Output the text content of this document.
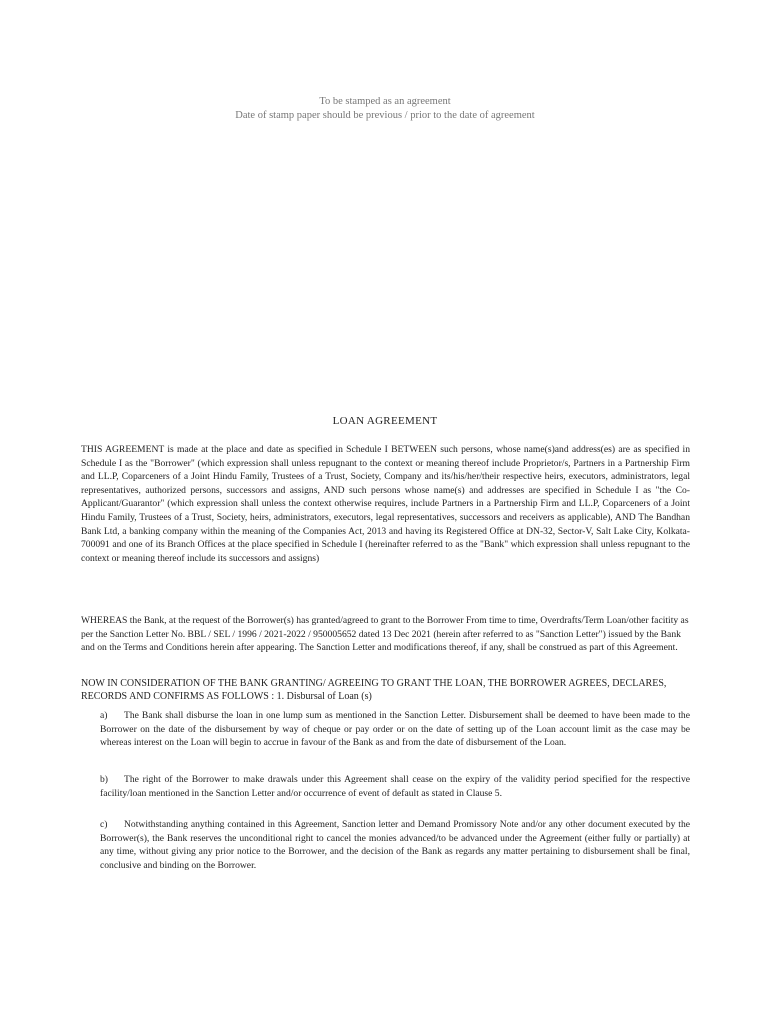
To be stamped as an agreement
Date of stamp paper should be previous / prior to the date of agreement
LOAN AGREEMENT
THIS AGREEMENT is made at the place and date as specified in Schedule I BETWEEN such persons, whose name(s)and address(es) are as specified in Schedule I as the "Borrower" (which expression shall unless repugnant to the context or meaning thereof include Proprietor/s, Partners in a Partnership Firm and LL.P, Coparceners of a Joint Hindu Family, Trustees of a Trust, Society, Company and its/his/her/their respective heirs, executors, administrators, legal representatives, authorized persons, successors and assigns, AND such persons whose name(s) and addresses are specified in Schedule I as "the Co-Applicant/Guarantor" (which expression shall unless the context otherwise requires, include Partners in a Partnership Firm and LL.P, Coparceners of a Joint Hindu Family, Trustees of a Trust, Society, heirs, administrators, executors, legal representatives, successors and receivers as applicable), AND The Bandhan Bank Ltd, a banking company within the meaning of the Companies Act, 2013 and having its Registered Office at DN-32, Sector-V, Salt Lake City, Kolkata-700091 and one of its Branch Offices at the place specified in Schedule I (hereinafter referred to as the "Bank" which expression shall unless repugnant to the context or meaning thereof include its successors and assigns)
WHEREAS the Bank, at the request of the Borrower(s) has granted/agreed to grant to the Borrower From time to time, Overdrafts/Term Loan/other facitity as per the Sanction Letter No. BBL / SEL / 1996 / 2021-2022 / 950005652 dated 13 Dec 2021 (herein after referred to as "Sanction Letter") issued by the Bank and on the Terms and Conditions herein after appearing. The Sanction Letter and modifications thereof, if any, shall be construed as part of this Agreement.
NOW IN CONSIDERATION OF THE BANK GRANTING/ AGREEING TO GRANT THE LOAN, THE BORROWER AGREES, DECLARES, RECORDS AND CONFIRMS AS FOLLOWS : 1. Disbursal of Loan (s)
a) The Bank shall disburse the loan in one lump sum as mentioned in the Sanction Letter. Disbursement shall be deemed to have been made to the Borrower on the date of the disbursement by way of cheque or pay order or on the date of setting up of the Loan account limit as the case may be whereas interest on the Loan will begin to accrue in favour of the Bank as and from the date of disbursement of the Loan.
b) The right of the Borrower to make drawals under this Agreement shall cease on the expiry of the validity period specified for the respective facility/loan mentioned in the Sanction Letter and/or occurrence of event of default as stated in Clause 5.
c) Notwithstanding anything contained in this Agreement, Sanction letter and Demand Promissory Note and/or any other document executed by the Borrower(s), the Bank reserves the unconditional right to cancel the monies advanced/to be advanced under the Agreement (either fully or partially) at any time, without giving any prior notice to the Borrower, and the decision of the Bank as regards any matter pertaining to disbursement shall be final, conclusive and binding on the Borrower.
